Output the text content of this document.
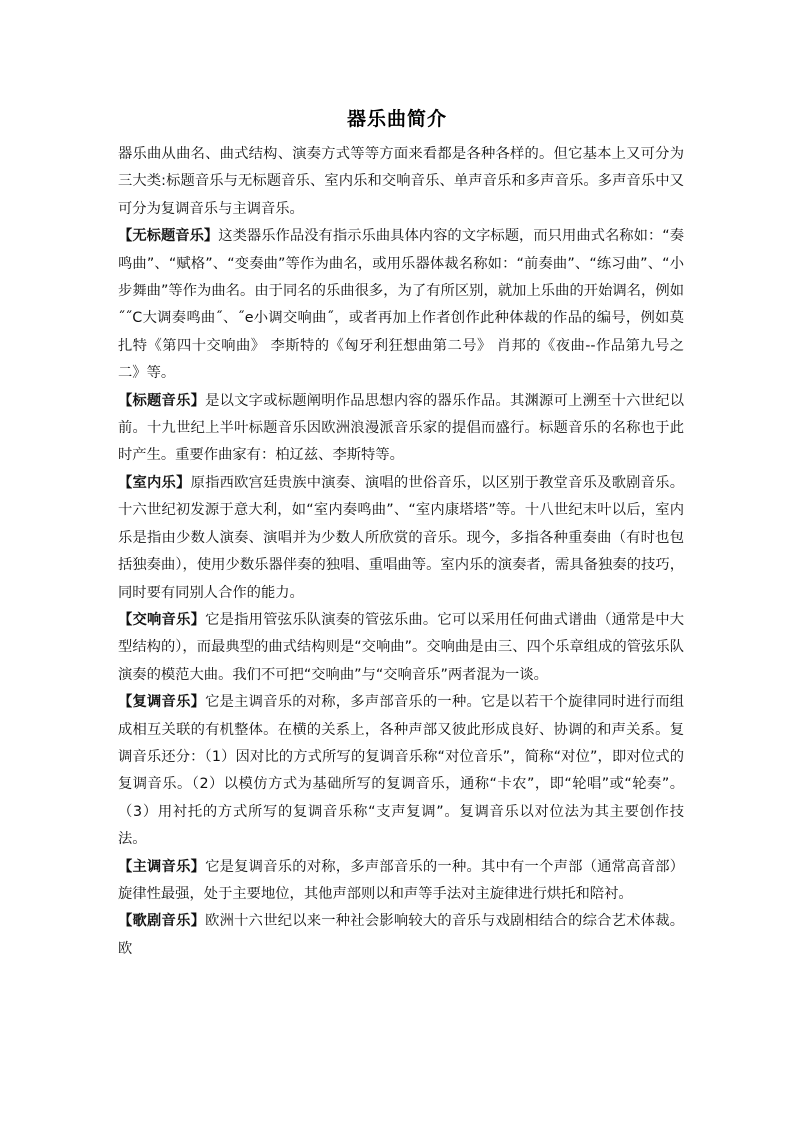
器乐曲简介

器乐曲从曲名、曲式结构、演奏方式等等方面来看都是各种各样的。但它基本上又可分为三大类:标题音乐与无标题音乐、室内乐和交响音乐、单声音乐和多声音乐。多声音乐中又可分为复调音乐与主调音乐。

【无标题音乐】这类器乐作品没有指示乐曲具体内容的文字标题，而只用曲式名称如：“奏鸣曲”、“赋格”、“变奏曲”等作为曲名，或用乐器体裁名称如：“前奏曲”、“练习曲”、“小步舞曲”等作为曲名。由于同名的乐曲很多，为了有所区别，就加上乐曲的开始调名，例如˝˝C大调奏鸣曲˝、˝e小调交响曲˝，或者再加上作者创作此种体裁的作品的编号，例如莫扎特《第四十交响曲》 李斯特的《匈牙利狂想曲第二号》 肖邦的《夜曲--作品第九号之二》等。

【标题音乐】是以文字或标题阐明作品思想内容的器乐作品。其渊源可上溯至十六世纪以前。十九世纪上半叶标题音乐因欧洲浪漫派音乐家的提倡而盛行。标题音乐的名称也于此时产生。重要作曲家有：柏辽兹、李斯特等。

【室内乐】原指西欧宫廷贵族中演奏、演唱的世俗音乐，以区别于教堂音乐及歌剧音乐。十六世纪初发源于意大利，如“室内奏鸣曲”、“室内康塔塔”等。十八世纪末叶以后，室内乐是指由少数人演奏、演唱并为少数人所欣赏的音乐。现今，多指各种重奏曲（有时也包括独奏曲），使用少数乐器伴奏的独唱、重唱曲等。室内乐的演奏者，需具备独奏的技巧，同时要有同别人合作的能力。

【交响音乐】它是指用管弦乐队演奏的管弦乐曲。它可以采用任何曲式谱曲（通常是中大型结构的），而最典型的曲式结构则是“交响曲”。交响曲是由三、四个乐章组成的管弦乐队演奏的模范大曲。我们不可把“交响曲”与“交响音乐”两者混为一谈。

【复调音乐】它是主调音乐的对称，多声部音乐的一种。它是以若干个旋律同时进行而组成相互关联的有机整体。在横的关系上，各种声部又彼此形成良好、协调的和声关系。复调音乐还分：（1）因对比的方式所写的复调音乐称“对位音乐”，简称“对位”，即对位式的复调音乐。（2）以模仿方式为基础所写的复调音乐，通称“卡农”，即“轮唱”或“轮奏”。（3）用衬托的方式所写的复调音乐称“支声复调”。复调音乐以对位法为其主要创作技法。

【主调音乐】它是复调音乐的对称，多声部音乐的一种。其中有一个声部（通常高音部）旋律性最强，处于主要地位，其他声部则以和声等手法对主旋律进行烘托和陪衬。

【歌剧音乐】欧洲十六世纪以来一种社会影响较大的音乐与戏剧相结合的综合艺术体裁。欧
